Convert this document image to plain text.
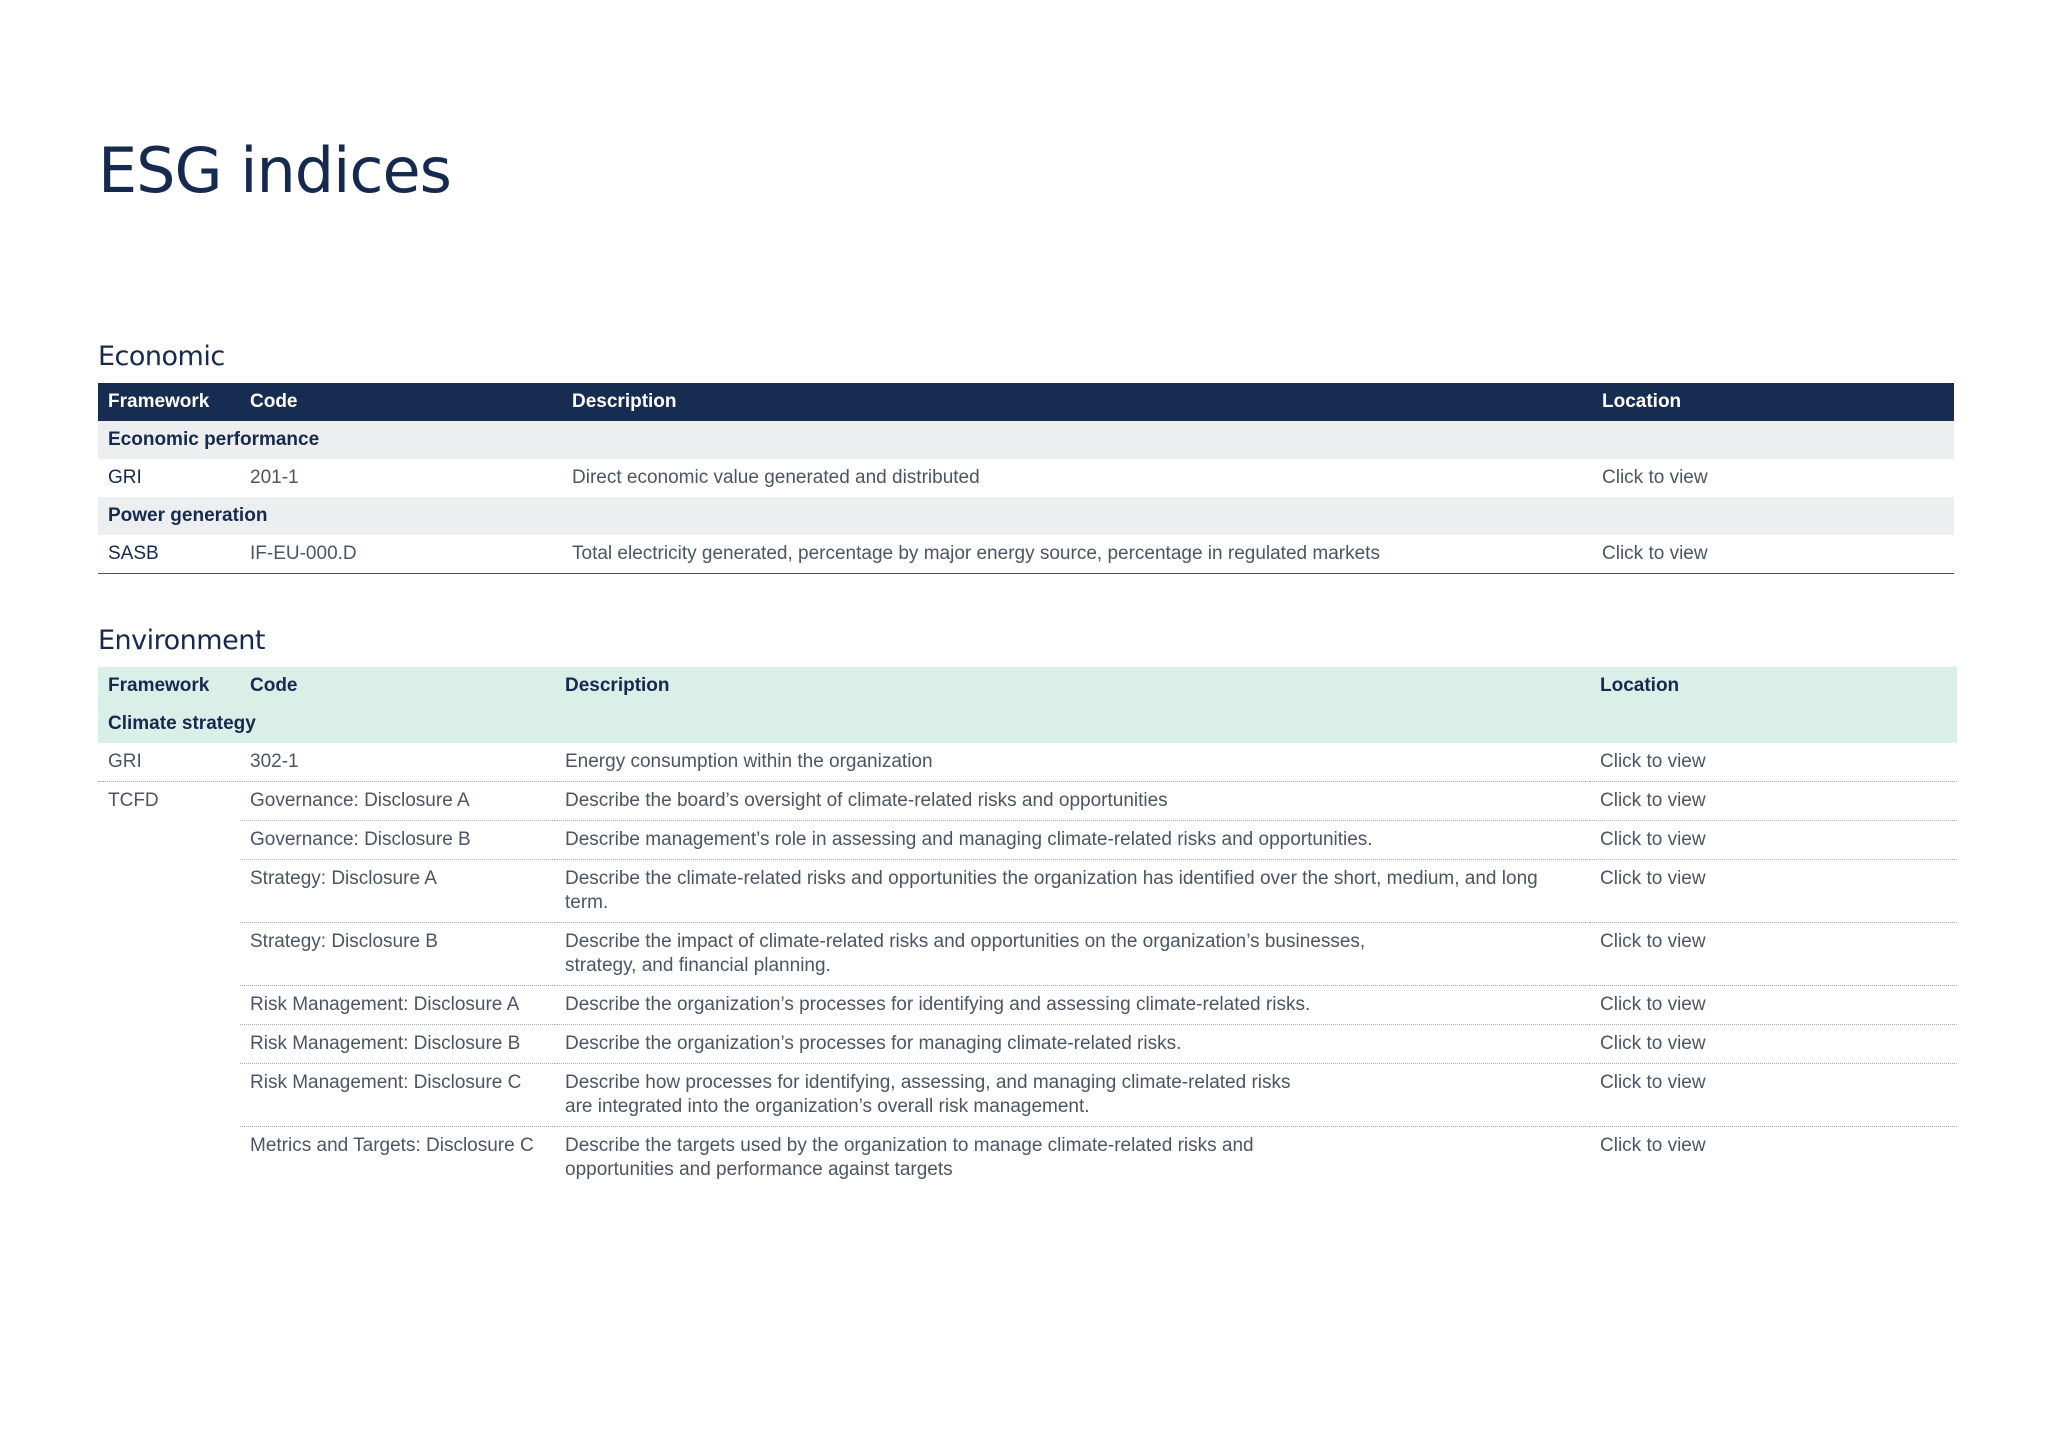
ESG indices
Economic
Framework	Code	Description	Location
Economic performance			
GRI	201-1	Direct economic value generated and distributed	Click to view
Power generation			
SASB	IF-EU-000.D	Total electricity generated, percentage by major energy source, percentage in regulated markets	Click to view
Environment
Framework	Code	Description	Location
Climate strategy			
GRI	302-1	Energy consumption within the organization	Click to view
TCFD	Governance: Disclosure A	Describe the board’s oversight of climate-related risks and opportunities	Click to view
	Governance: Disclosure B	Describe management’s role in assessing and managing climate-related risks and opportunities.	Click to view
	Strategy: Disclosure A	Describe the climate-related risks and opportunities the organization has identified over the short, medium, and long term.	Click to view
	Strategy: Disclosure B	Describe the impact of climate-related risks and opportunities on the organization’s businesses, strategy, and financial planning.	Click to view
	Risk Management: Disclosure A	Describe the organization’s processes for identifying and assessing climate-related risks.	Click to view
	Risk Management: Disclosure B	Describe the organization’s processes for managing climate-related risks.	Click to view
	Risk Management: Disclosure C	Describe how processes for identifying, assessing, and managing climate-related risks are integrated into the organization’s overall risk management.	Click to view
	Metrics and Targets: Disclosure C	Describe the targets used by the organization to manage climate-related risks and opportunities and performance against targets	Click to view
